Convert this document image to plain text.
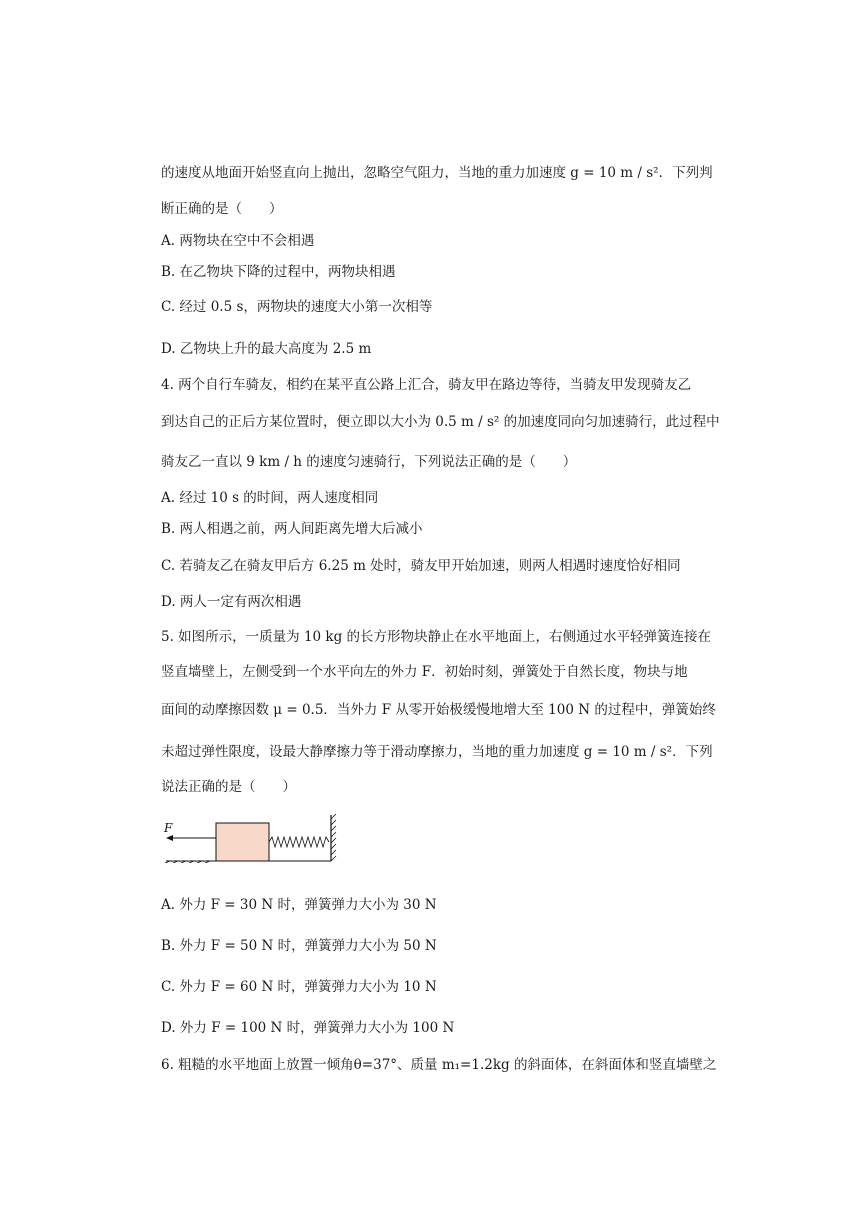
的速度从地面开始竖直向上抛出，忽略空气阻力，当地的重力加速度 g = 10 m / s²．下列判
断正确的是（　　）
A. 两物块在空中不会相遇
B. 在乙物块下降的过程中，两物块相遇
C. 经过 0.5 s，两物块的速度大小第一次相等
D. 乙物块上升的最大高度为 2.5 m
4. 两个自行车骑友，相约在某平直公路上汇合，骑友甲在路边等待，当骑友甲发现骑友乙
到达自己的正后方某位置时，便立即以大小为 0.5 m / s² 的加速度同向匀加速骑行，此过程中
骑友乙一直以 9 km / h 的速度匀速骑行，下列说法正确的是（　　）
A. 经过 10 s 的时间，两人速度相同
B. 两人相遇之前，两人间距离先增大后减小
C. 若骑友乙在骑友甲后方 6.25 m 处时，骑友甲开始加速，则两人相遇时速度恰好相同
D. 两人一定有两次相遇
5. 如图所示，一质量为 10 kg 的长方形物块静止在水平地面上，右侧通过水平轻弹簧连接在
竖直墙壁上，左侧受到一个水平向左的外力 F．初始时刻，弹簧处于自然长度，物块与地
面间的动摩擦因数 μ = 0.5．当外力 F 从零开始极缓慢地增大至 100 N 的过程中，弹簧始终
未超过弹性限度，设最大静摩擦力等于滑动摩擦力，当地的重力加速度 g = 10 m / s²．下列
说法正确的是（　　）
F
A. 外力 F = 30 N 时，弹簧弹力大小为 30 N
B. 外力 F = 50 N 时，弹簧弹力大小为 50 N
C. 外力 F = 60 N 时，弹簧弹力大小为 10 N
D. 外力 F = 100 N 时，弹簧弹力大小为 100 N
6. 粗糙的水平地面上放置一倾角θ=37°、质量 m₁=1.2kg 的斜面体，在斜面体和竖直墙壁之
